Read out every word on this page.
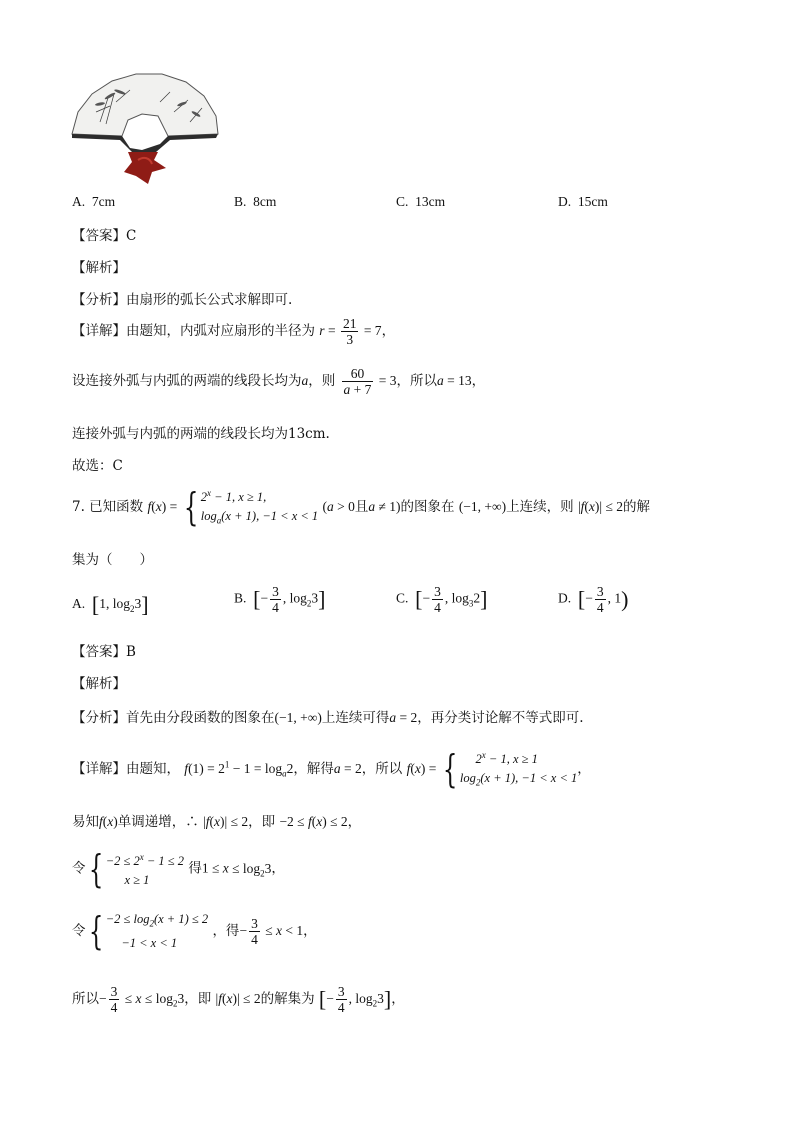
A. 7cm	B. 8cm	C. 13cm	D. 15cm
【答案】C
【解析】
【分析】由扇形的弧长公式求解即可.
【详解】由题知，内弧对应扇形的半径为 $r = \frac{21}{3} = 7$，
设连接外弧与内弧的两端的线段长均为a，则 $\frac{60}{a + 7} = 3$，所以a = 13，
连接外弧与内弧的两端的线段长均为13cm.
故选：C
7. 已知函数 f(x) = { $2^x - 1$, x ≥ 1,
$\log_a(x + 1)$, −1 < x < 1
(a > 0且a ≠ 1)的图象在 (−1, +∞)上连续，则 |f(x)| ≤ 2的解
集为（　　）
A. [1, $\log_23$]	B. [− $\frac{3}{4}$ , $\log_23$]	C. [− $\frac{3}{4}$ , $\log_32$]	D. [− $\frac{3}{4}$ , 1)
【答案】B
【解析】
【分析】首先由分段函数的图象在(−1, +∞)上连续可得a = 2，再分类讨论解不等式即可.
【详解】由题知， $f(1) = 2^1 - 1 = \log_a2$，解得a = 2，所以 f(x) = { $2^x - 1$, x ≥ 1
$\log_2(x + 1)$, −1 < x < 1
，
易知f(x)单调递增，∴ |f(x)| ≤ 2，即 −2 ≤ f(x) ≤ 2，
令{ $-2 \le 2^x - 1 \le 2$
x ≥ 1
得$1 \le x \le \log_23$，
令{ $-2 \le \log_2(x + 1) \le 2$
−1 < x < 1
，得− $\frac{3}{4} \le x < 1$，
所以− $\frac{3}{4} \le x \le \log_23$，即 |f(x)| ≤ 2的解集为 [− $\frac{3}{4}$ , $\log_23$]，
